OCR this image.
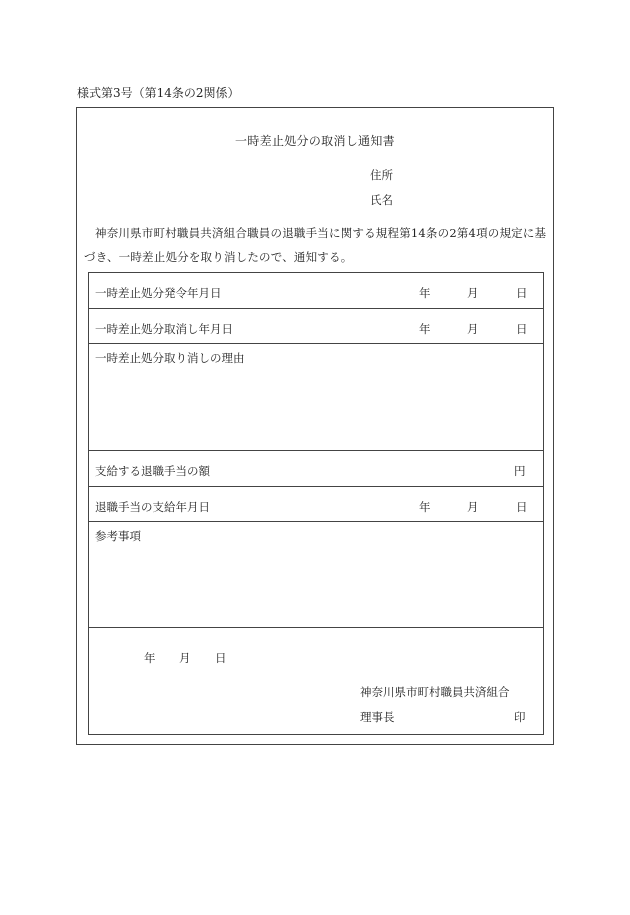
様式第3号（第14条の2関係）
一時差止処分の取消し通知書
住所
氏名
神奈川県市町村職員共済組合職員の退職手当に関する規程第14条の2第4項の規定に基
づき、一時差止処分を取り消したので、通知する。
一時差止処分発令年月日	年	月	日
一時差止処分取消し年月日	年	月	日
一時差止処分取り消しの理由
支給する退職手当の額	円
退職手当の支給年月日	年	月	日
参考事項
年 月 日
神奈川県市町村職員共済組合
理事長	印
